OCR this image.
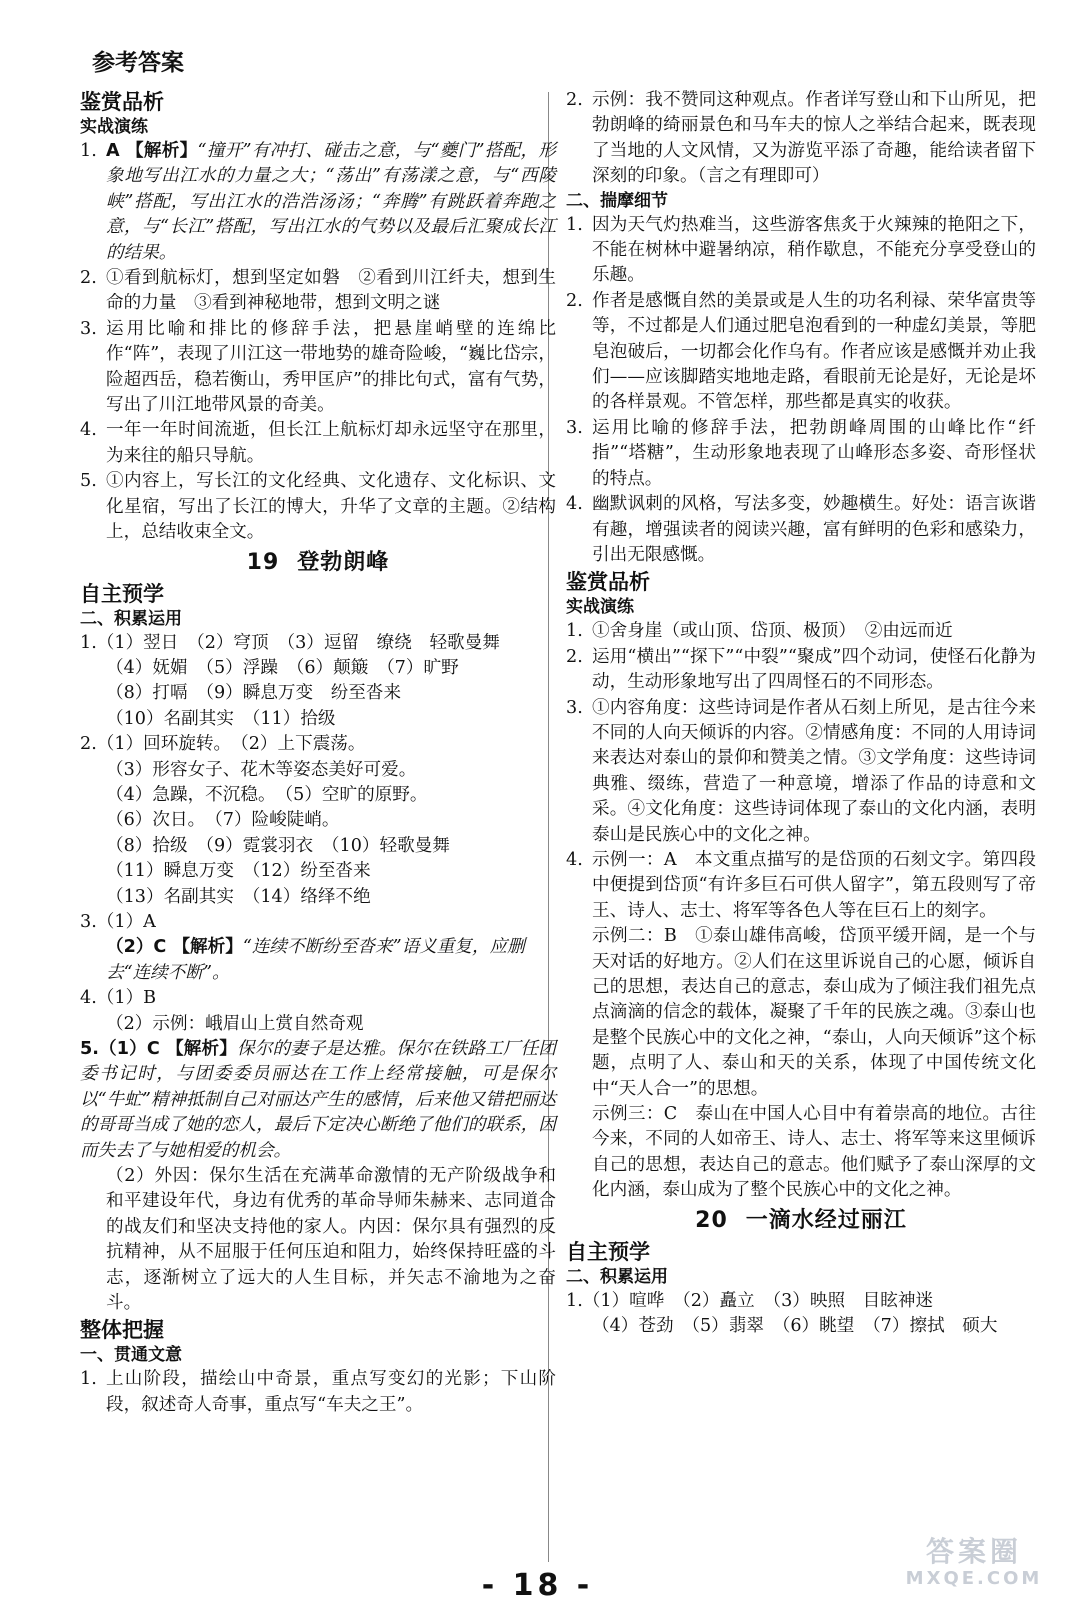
参考答案
鉴赏品析
实战演练
1. A 【解析】“撞开”有冲打、碰击之意，与“夔门”搭配，形象地写出江水的力量之大；“荡出”有荡漾之意，与“西陵峡”搭配，写出江水的浩浩汤汤；“奔腾”有跳跃着奔跑之意，与“长江”搭配，写出江水的气势以及最后汇聚成长江的结果。
2. ①看到航标灯，想到坚定如磐　②看到川江纤夫，想到生命的力量　③看到神秘地带，想到文明之谜
3. 运用比喻和排比的修辞手法，把悬崖峭壁的连绵比作“阵”，表现了川江这一带地势的雄奇险峻，“巍比岱宗，险超西岳，稳若衡山，秀甲匡庐”的排比句式，富有气势，写出了川江地带风景的奇美。
4. 一年一年时间流逝，但长江上航标灯却永远坚守在那里，为来往的船只导航。
5. ①内容上，写长江的文化经典、文化遗存、文化标识、文化星宿，写出了长江的博大，升华了文章的主题。②结构上，总结收束全文。
19 登勃朗峰
自主预学
二、积累运用
1.（1）翌日　（2）穹顶　（3）逗留　缭绕　轻歌曼舞
（4）妩媚　（5）浮躁　（6）颠簸　（7）旷野
（8）打嗝　（9）瞬息万变　纷至沓来
（10）名副其实　（11）拾级
2.（1）回环旋转。　（2）上下震荡。
（3）形容女子、花木等姿态美好可爱。
（4）急躁，不沉稳。　（5）空旷的原野。
（6）次日。　（7）险峻陡峭。
（8）拾级　（9）霓裳羽衣　（10）轻歌曼舞
（11）瞬息万变　（12）纷至沓来
（13）名副其实　（14）络绎不绝
3.（1）A
（2）C 【解析】“连续不断纷至沓来”语义重复，应删去“连续不断”。
4.（1）B
（2）示例：峨眉山上赏自然奇观
5.（1）C 【解析】保尔的妻子是达雅。保尔在铁路工厂任团委书记时，与团委委员丽达在工作上经常接触，可是保尔以“牛虻”精神抵制自己对丽达产生的感情，后来他又错把丽达的哥哥当成了她的恋人，最后下定决心断绝了他们的联系，因而失去了与她相爱的机会。
（2）外因：保尔生活在充满革命激情的无产阶级战争和和平建设年代，身边有优秀的革命导师朱赫来、志同道合的战友们和坚决支持他的家人。内因：保尔具有强烈的反抗精神，从不屈服于任何压迫和阻力，始终保持旺盛的斗志，逐渐树立了远大的人生目标，并矢志不渝地为之奋斗。
整体把握
一、贯通文意
1. 上山阶段，描绘山中奇景，重点写变幻的光影；下山阶段，叙述奇人奇事，重点写“车夫之王”。
2. 示例：我不赞同这种观点。作者详写登山和下山所见，把勃朗峰的绮丽景色和马车夫的惊人之举结合起来，既表现了当地的人文风情，又为游览平添了奇趣，能给读者留下深刻的印象。（言之有理即可）
二、揣摩细节
1. 因为天气灼热难当，这些游客焦炙于火辣辣的艳阳之下，不能在树林中避暑纳凉，稍作歇息，不能充分享受登山的乐趣。
2. 作者是感慨自然的美景或是人生的功名利禄、荣华富贵等等，不过都是人们通过肥皂泡看到的一种虚幻美景，等肥皂泡破后，一切都会化作乌有。作者应该是感慨并劝止我们——应该脚踏实地地走路，看眼前无论是好，无论是坏的各样景观。不管怎样，那些都是真实的收获。
3. 运用比喻的修辞手法，把勃朗峰周围的山峰比作“纤指”“塔糖”，生动形象地表现了山峰形态多姿、奇形怪状的特点。
4. 幽默讽刺的风格，写法多变，妙趣横生。好处：语言诙谐有趣，增强读者的阅读兴趣，富有鲜明的色彩和感染力，引出无限感慨。
鉴赏品析
实战演练
1. ①舍身崖（或山顶、岱顶、极顶）　②由远而近
2. 运用“横出”“探下”“中裂”“聚成”四个动词，使怪石化静为动，生动形象地写出了四周怪石的不同形态。
3. ①内容角度：这些诗词是作者从石刻上所见，是古往今来不同的人向天倾诉的内容。②情感角度：不同的人用诗词来表达对泰山的景仰和赞美之情。③文学角度：这些诗词典雅、缀练，营造了一种意境，增添了作品的诗意和文采。④文化角度：这些诗词体现了泰山的文化内涵，表明泰山是民族心中的文化之神。
4. 示例一：A　本文重点描写的是岱顶的石刻文字。第四段中便提到岱顶“有许多巨石可供人留字”，第五段则写了帝王、诗人、志士、将军等各色人等在巨石上的刻字。
示例二：B　①泰山雄伟高峻，岱顶平缓开阔，是一个与天对话的好地方。②人们在这里诉说自己的心愿，倾诉自己的思想，表达自己的意志，泰山成为了倾注我们祖先点点滴滴的信念的载体，凝聚了千年的民族之魂。③泰山也是整个民族心中的文化之神，“泰山，人向天倾诉”这个标题，点明了人、泰山和天的关系，体现了中国传统文化中“天人合一”的思想。
示例三：C　泰山在中国人心目中有着崇高的地位。古往今来，不同的人如帝王、诗人、志士、将军等来这里倾诉自己的思想，表达自己的意志。他们赋予了泰山深厚的文化内涵，泰山成为了整个民族心中的文化之神。
20 一滴水经过丽江
自主预学
二、积累运用
1.（1）喧哗　（2）矗立　（3）映照　目眩神迷
（4）苍劲　（5）翡翠　（6）眺望　（7）擦拭　硕大
- 18 -
答案圈
MXQE.COM
